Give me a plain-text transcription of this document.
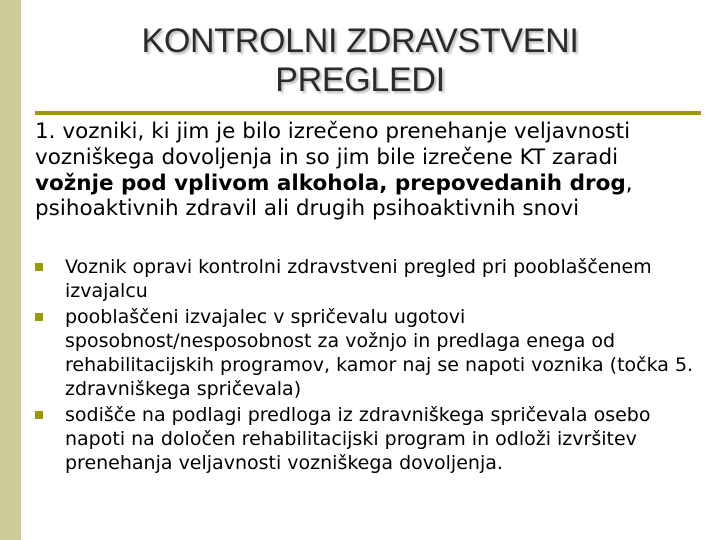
KONTROLNI ZDRAVSTVENI
PREGLEDI

1. vozniki, ki jim je bilo izrečeno prenehanje veljavnosti vozniškega dovoljenja in so jim bile izrečene KT zaradi vožnje pod vplivom alkohola, prepovedanih drog, psihoaktivnih zdravil ali drugih psihoaktivnih snovi

Voznik opravi kontrolni zdravstveni pregled pri pooblaščenem izvajalcu
pooblaščeni izvajalec v spričevalu ugotovi sposobnost/nesposobnost za vožnjo in predlaga enega od rehabilitacijskih programov, kamor naj se napoti voznika (točka 5. zdravniškega spričevala)
sodišče na podlagi predloga iz zdravniškega spričevala osebo napoti na določen rehabilitacijski program in odloži izvršitev prenehanja veljavnosti vozniškega dovoljenja.
